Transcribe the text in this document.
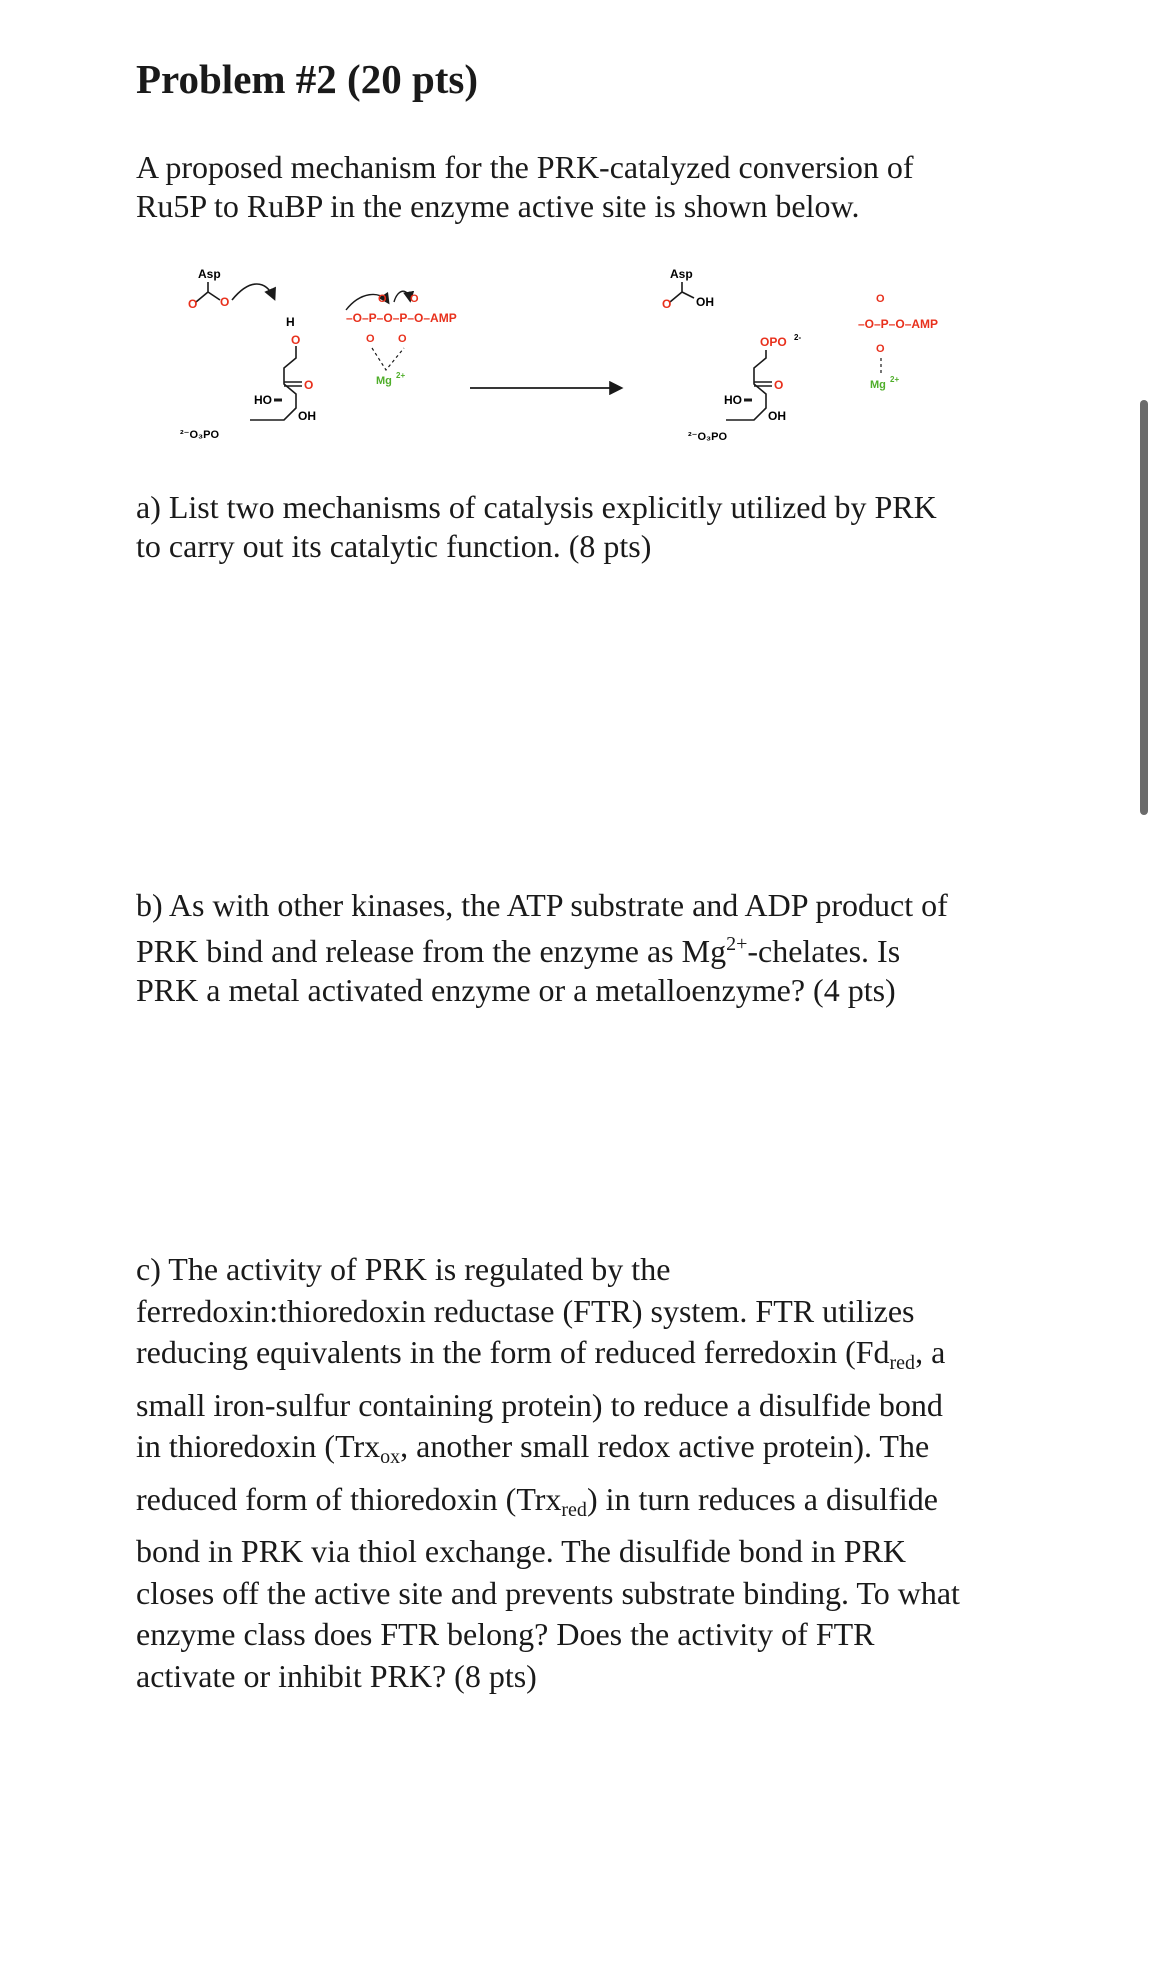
Problem #2 (20 pts)

A proposed mechanism for the PRK-catalyzed conversion of
Ru5P to RuBP in the enzyme active site is shown below.

Asp
O O
H
O
O
HO
OH
²⁻O₃PO
O O
–O–P–O–P–O–AMP
O O
Mg 2+
Asp
O OH
OPO 2-
O
HO
OH
²⁻O₃PO
O
–O–P–O–AMP
O
Mg 2+

a) List two mechanisms of catalysis explicitly utilized by PRK
to carry out its catalytic function. (8 pts)

b) As with other kinases, the ATP substrate and ADP product of
PRK bind and release from the enzyme as $Mg^{2+}$-chelates. Is
PRK a metal activated enzyme or a metalloenzyme? (4 pts)

c) The activity of PRK is regulated by the
ferredoxin:thioredoxin reductase (FTR) system. FTR utilizes
reducing equivalents in the form of reduced ferredoxin ($Fd_{red}$, a
small iron-sulfur containing protein) to reduce a disulfide bond
in thioredoxin (Trx$_{ox}$, another small redox active protein). The
reduced form of thioredoxin (Trx$_{red}$) in turn reduces a disulfide
bond in PRK via thiol exchange. The disulfide bond in PRK
closes off the active site and prevents substrate binding. To what
enzyme class does FTR belong? Does the activity of FTR
activate or inhibit PRK? (8 pts)
